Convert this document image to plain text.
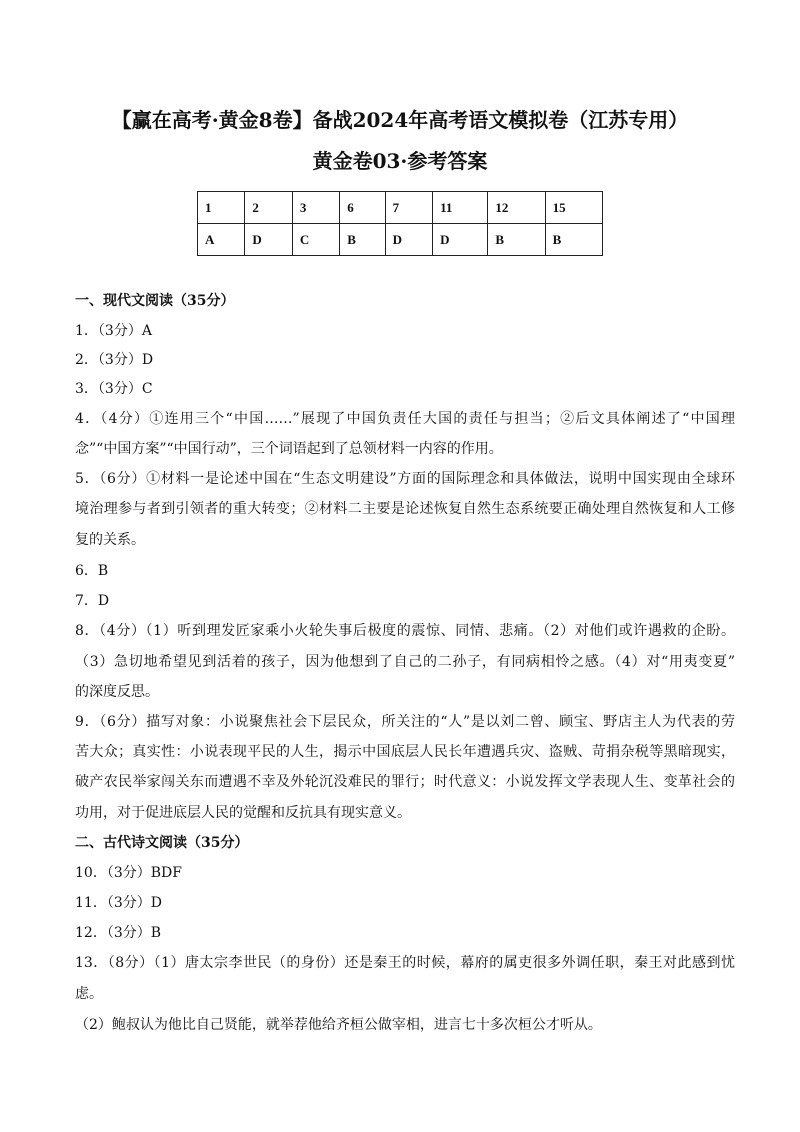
【赢在高考·黄金8卷】备战2024年高考语文模拟卷（江苏专用）
黄金卷03·参考答案
1	2	3	6	7	11	12	15
A	D	C	B	D	D	B	B
一、现代文阅读（35分）
1．（3分）A
2．（3分）D
3．（3分）C
4．（4分）①连用三个“中国……”展现了中国负责任大国的责任与担当；②后文具体阐述了“中国理
念”“中国方案”“中国行动”，三个词语起到了总领材料一内容的作用。
5．（6分）①材料一是论述中国在“生态文明建设”方面的国际理念和具体做法，说明中国实现由全球环
境治理参与者到引领者的重大转变；②材料二主要是论述恢复自然生态系统要正确处理自然恢复和人工修
复的关系。
6．B
7．D
8．（4分）（1）听到理发匠家乘小火轮失事后极度的震惊、同情、悲痛。（2）对他们或许遇救的企盼。
（3）急切地希望见到活着的孩子，因为他想到了自己的二孙子，有同病相怜之感。（4）对“用夷变夏”
的深度反思。
9．（6分）描写对象：小说聚焦社会下层民众，所关注的“人”是以刘二曾、顾宝、野店主人为代表的劳
苦大众；真实性：小说表现平民的人生，揭示中国底层人民长年遭遇兵灾、盗贼、苛捐杂税等黑暗现实，
破产农民举家闯关东而遭遇不幸及外轮沉没难民的罪行；时代意义：小说发挥文学表现人生、变革社会的
功用，对于促进底层人民的觉醒和反抗具有现实意义。
二、古代诗文阅读（35分）
10．（3分）BDF
11．（3分）D
12．（3分）B
13．（8分）（1）唐太宗李世民（的身份）还是秦王的时候，幕府的属吏很多外调任职，秦王对此感到忧
虑。
（2）鲍叔认为他比自己贤能，就举荐他给齐桓公做宰相，进言七十多次桓公才听从。
